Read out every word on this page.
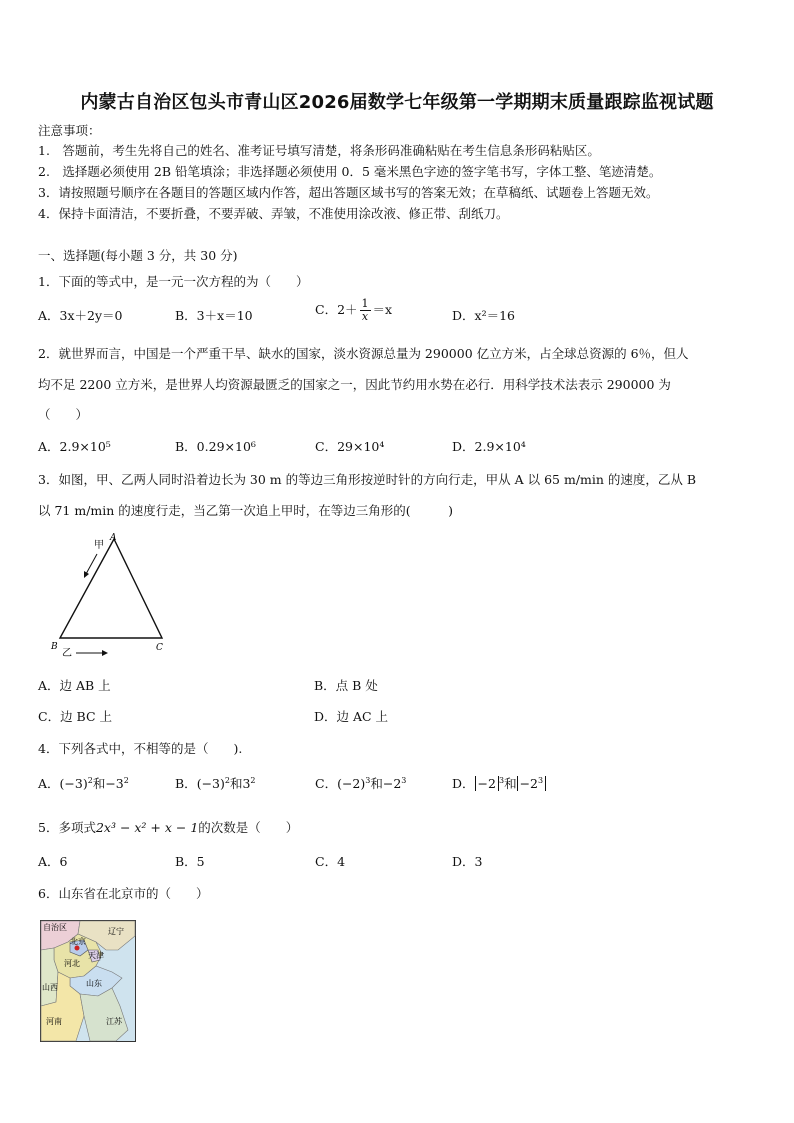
内蒙古自治区包头市青山区2026届数学七年级第一学期期末质量跟踪监视试题
注意事项：
1.　答题前，考生先将自己的姓名、准考证号填写清楚，将条形码准确粘贴在考生信息条形码粘贴区。
2.　选择题必须使用 2B 铅笔填涂；非选择题必须使用 0．5 毫米黑色字迹的签字笔书写，字体工整、笔迹清楚。
3．请按照题号顺序在各题目的答题区域内作答，超出答题区域书写的答案无效；在草稿纸、试题卷上答题无效。
4．保持卡面清洁，不要折叠，不要弄破、弄皱，不准使用涂改液、修正带、刮纸刀。
一、选择题(每小题 3 分，共 30 分)
1．下面的等式中，是一元一次方程的为（　　）
A．3x＋2y＝0	B．3＋x＝10	C．$2+ \frac{1}{x} =x$	D．x²＝16
2．就世界而言，中国是一个严重干旱、缺水的国家，淡水资源总量为 290000 亿立方米，占全球总资源的 6％，但人
均不足 2200 立方米，是世界人均资源最匮乏的国家之一，因此节约用水势在必行．用科学技术法表示 290000 为
（　　）
A．2.9×10⁵	B．0.29×10⁶	C．29×10⁴	D．2.9×10⁴
3．如图，甲、乙两人同时沿着边长为 30 m 的等边三角形按逆时针的方向行走，甲从 A 以 65 m/min 的速度，乙从 B
以 71 m/min 的速度行走，当乙第一次追上甲时，在等边三角形的(　　　)
甲
A
B	C
乙
A．边 AB 上	B．点 B 处
C．边 BC 上	D．边 AC 上
4．下列各式中，不相等的是（　　).
A．$(-3)^2$和$-3^2$	B．$(-3)^2$和$3^2$	C．$(-2)^3$和$-2^3$	D． −2 $^3$和 $-2^3$
5．多项式2x³ − x² + x − 1的次数是（　　）
A．6	B．5	C．4	D．3
6．山东省在北京市的（　　）
自治区
北京
辽宁
天津
河北
山东
山西
河南	江苏
